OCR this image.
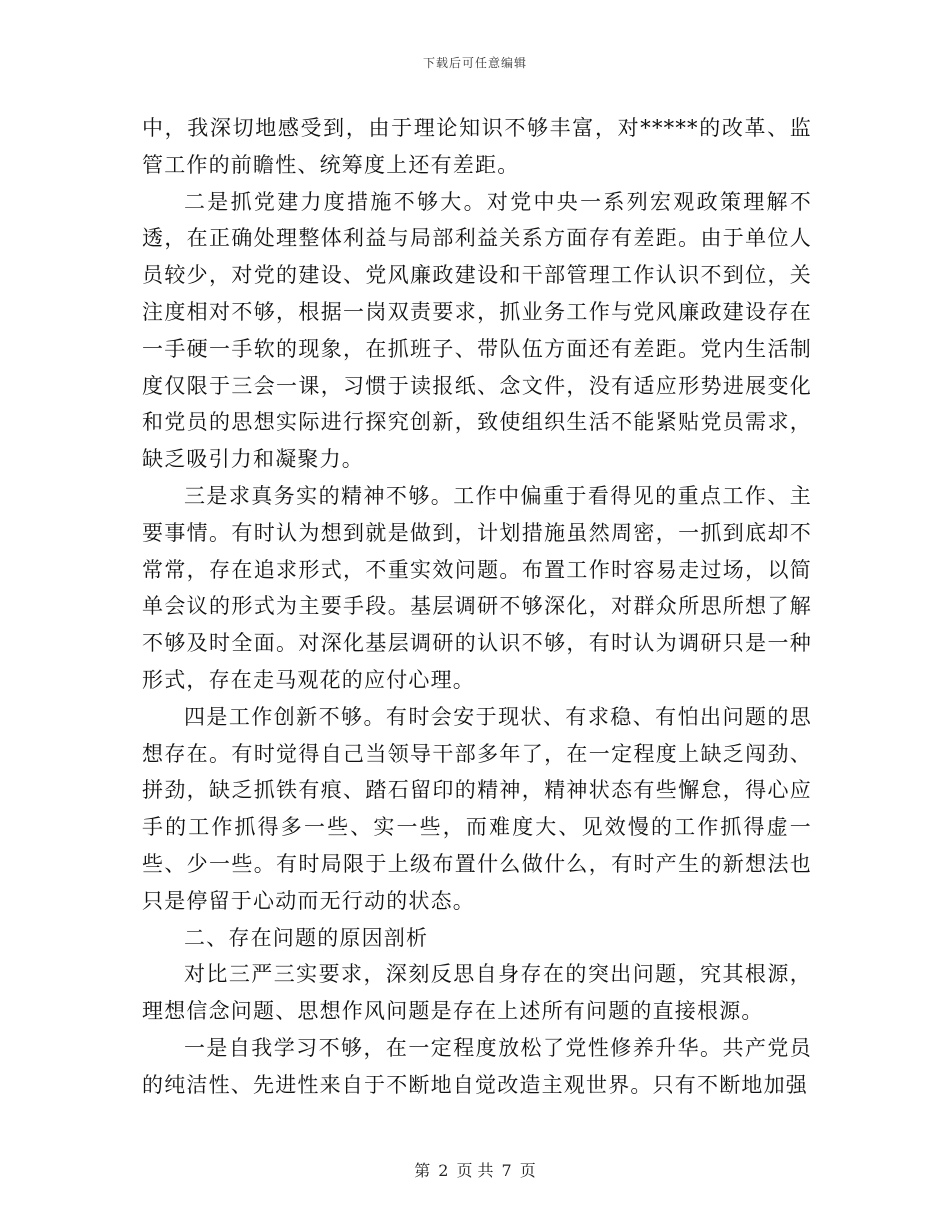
下载后可任意编辑

中，我深切地感受到，由于理论知识不够丰富，对*****的改革、监管工作的前瞻性、统筹度上还有差距。

二是抓党建力度措施不够大。对党中央一系列宏观政策理解不透，在正确处理整体利益与局部利益关系方面存有差距。由于单位人员较少，对党的建设、党风廉政建设和干部管理工作认识不到位，关注度相对不够，根据一岗双责要求，抓业务工作与党风廉政建设存在一手硬一手软的现象，在抓班子、带队伍方面还有差距。党内生活制度仅限于三会一课，习惯于读报纸、念文件，没有适应形势进展变化和党员的思想实际进行探究创新，致使组织生活不能紧贴党员需求，缺乏吸引力和凝聚力。

三是求真务实的精神不够。工作中偏重于看得见的重点工作、主要事情。有时认为想到就是做到，计划措施虽然周密，一抓到底却不常常，存在追求形式，不重实效问题。布置工作时容易走过场，以简单会议的形式为主要手段。基层调研不够深化，对群众所思所想了解不够及时全面。对深化基层调研的认识不够，有时认为调研只是一种形式，存在走马观花的应付心理。

四是工作创新不够。有时会安于现状、有求稳、有怕出问题的思想存在。有时觉得自己当领导干部多年了，在一定程度上缺乏闯劲、拼劲，缺乏抓铁有痕、踏石留印的精神，精神状态有些懈怠，得心应手的工作抓得多一些、实一些，而难度大、见效慢的工作抓得虚一些、少一些。有时局限于上级布置什么做什么，有时产生的新想法也只是停留于心动而无行动的状态。

二、存在问题的原因剖析

对比三严三实要求，深刻反思自身存在的突出问题，究其根源，理想信念问题、思想作风问题是存在上述所有问题的直接根源。

一是自我学习不够，在一定程度放松了党性修养升华。共产党员的纯洁性、先进性来自于不断地自觉改造主观世界。只有不断地加强

第 2 页 共 7 页
